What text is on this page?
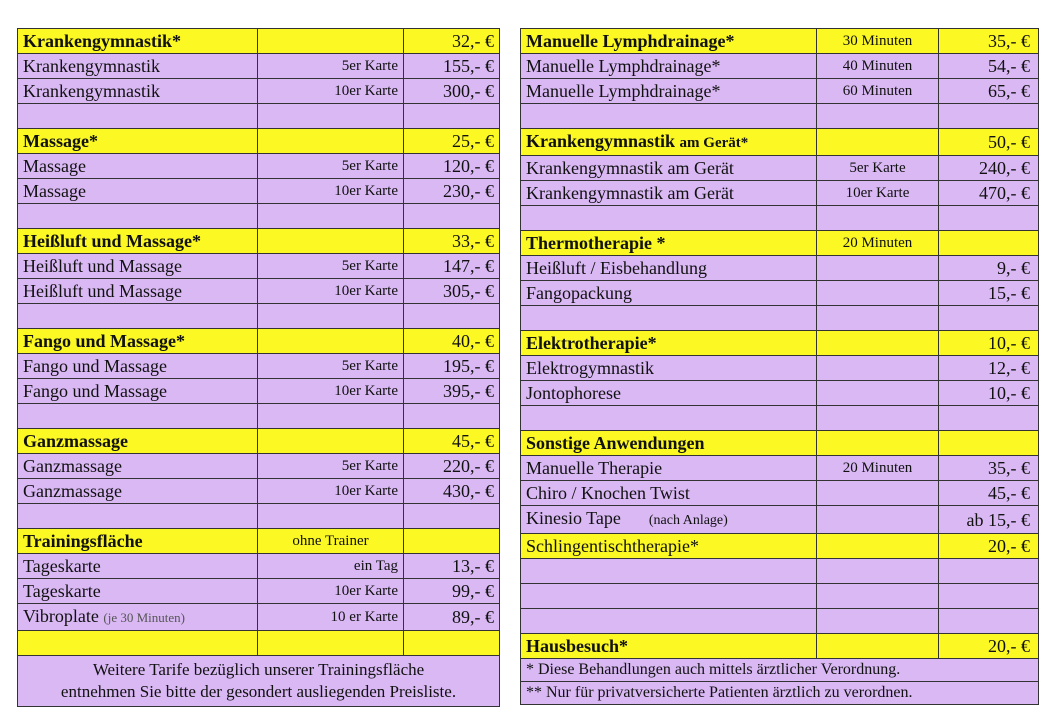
Krankengymnastik*		32,- €
Krankengymnastik	5er Karte	155,- €
Krankengymnastik	10er Karte	300,- €

Massage*		25,- €
Massage	5er Karte	120,- €
Massage	10er Karte	230,- €

Heißluft und Massage*		33,- €
Heißluft und Massage	5er Karte	147,- €
Heißluft und Massage	10er Karte	305,- €

Fango und Massage*		40,- €
Fango und Massage	5er Karte	195,- €
Fango und Massage	10er Karte	395,- €

Ganzmassage		45,- €
Ganzmassage	5er Karte	220,- €
Ganzmassage	10er Karte	430,- €

Trainingsfläche	ohne Trainer	
Tageskarte	ein Tag	13,- €
Tageskarte	10er Karte	99,- €
Vibroplate (je 30 Minuten)	10 er Karte	89,- €

Weitere Tarife bezüglich unserer Trainingsfläche
entnehmen Sie bitte der gesondert ausliegenden Preisliste.		
Manuelle Lymphdrainage*	30 Minuten	35,- €
Manuelle Lymphdrainage*	40 Minuten	54,- €
Manuelle Lymphdrainage*	60 Minuten	65,- €

Krankengymnastik am Gerät*		50,- €
Krankengymnastik am Gerät	5er Karte	240,- €
Krankengymnastik am Gerät	10er Karte	470,- €

Thermotherapie *	20 Minuten	
Heißluft / Eisbehandlung		9,- €
Fangopackung		15,- €

Elektrotherapie*		10,- €
Elektrogymnastik		12,- €
Jontophorese		10,- €

Sonstige Anwendungen		
Manuelle Therapie	20 Minuten	35,- €
Chiro / Knochen Twist		45,- €
Kinesio Tape (nach Anlage)		ab 15,- €
Schlingentischtherapie*		20,- €

Hausbesuch*		20,- €
* Diese Behandlungen auch mittels ärztlicher Verordnung.		
** Nur für privatversicherte Patienten ärztlich zu verordnen.		
